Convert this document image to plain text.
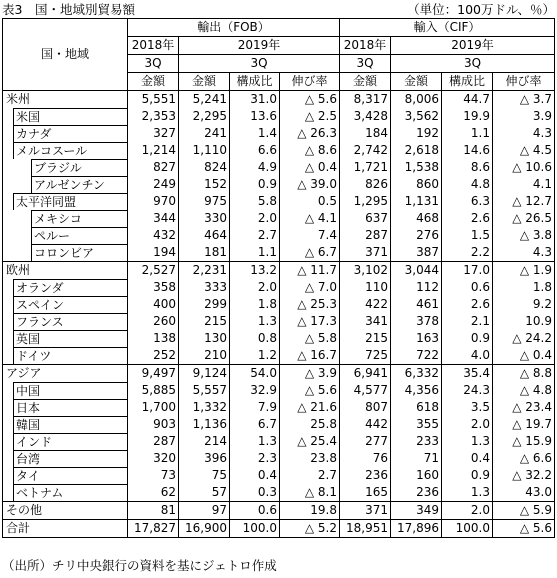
表3　国・地域別貿易額	（単位：100万ドル、％）
国・地域	輸出（FOB）				輸入（CIF）			
	2018年	2019年			2018年	2019年		
	3Q	3Q			3Q	3Q		
	金額	金額	構成比	伸び率	金額	金額	構成比	伸び率

米州	5,551	5,241	31.0	△ 5.6	8,317	8,006	44.7	△ 3.7

米国	2,353	2,295	13.6	△ 2.5	3,428	3,562	19.9	3.9

カナダ	327	241	1.4	△ 26.3	184	192	1.1	4.3

メルコスール	1,214	1,110	6.6	△ 8.6	2,742	2,618	14.6	△ 4.5

ブラジル	827	824	4.9	△ 0.4	1,721	1,538	8.6	△ 10.6

アルゼンチン	249	152	0.9	△ 39.0	826	860	4.8	4.1

太平洋同盟	970	975	5.8	0.5	1,295	1,131	6.3	△ 12.7

メキシコ	344	330	2.0	△ 4.1	637	468	2.6	△ 26.5

ペルー	432	464	2.7	7.4	287	276	1.5	△ 3.8

コロンビア	194	181	1.1	△ 6.7	371	387	2.2	4.3

欧州	2,527	2,231	13.2	△ 11.7	3,102	3,044	17.0	△ 1.9

オランダ	358	333	2.0	△ 7.0	110	112	0.6	1.8

スペイン	400	299	1.8	△ 25.3	422	461	2.6	9.2

フランス	260	215	1.3	△ 17.3	341	378	2.1	10.9

英国	138	130	0.8	△ 5.8	215	163	0.9	△ 24.2

ドイツ	252	210	1.2	△ 16.7	725	722	4.0	△ 0.4

アジア	9,497	9,124	54.0	△ 3.9	6,941	6,332	35.4	△ 8.8

中国	5,885	5,557	32.9	△ 5.6	4,577	4,356	24.3	△ 4.8

日本	1,700	1,332	7.9	△ 21.6	807	618	3.5	△ 23.4

韓国	903	1,136	6.7	25.8	442	355	2.0	△ 19.7

インド	287	214	1.3	△ 25.4	277	233	1.3	△ 15.9

台湾	320	396	2.3	23.8	76	71	0.4	△ 6.6

タイ	73	75	0.4	2.7	236	160	0.9	△ 32.2

ベトナム	62	57	0.3	△ 8.1	165	236	1.3	43.0

その他	81	97	0.6	19.8	371	349	2.0	△ 5.9

合計	17,827	16,900	100.0	△ 5.2	18,951	17,896	100.0	△ 5.6
（出所）チリ中央銀行の資料を基にジェトロ作成
